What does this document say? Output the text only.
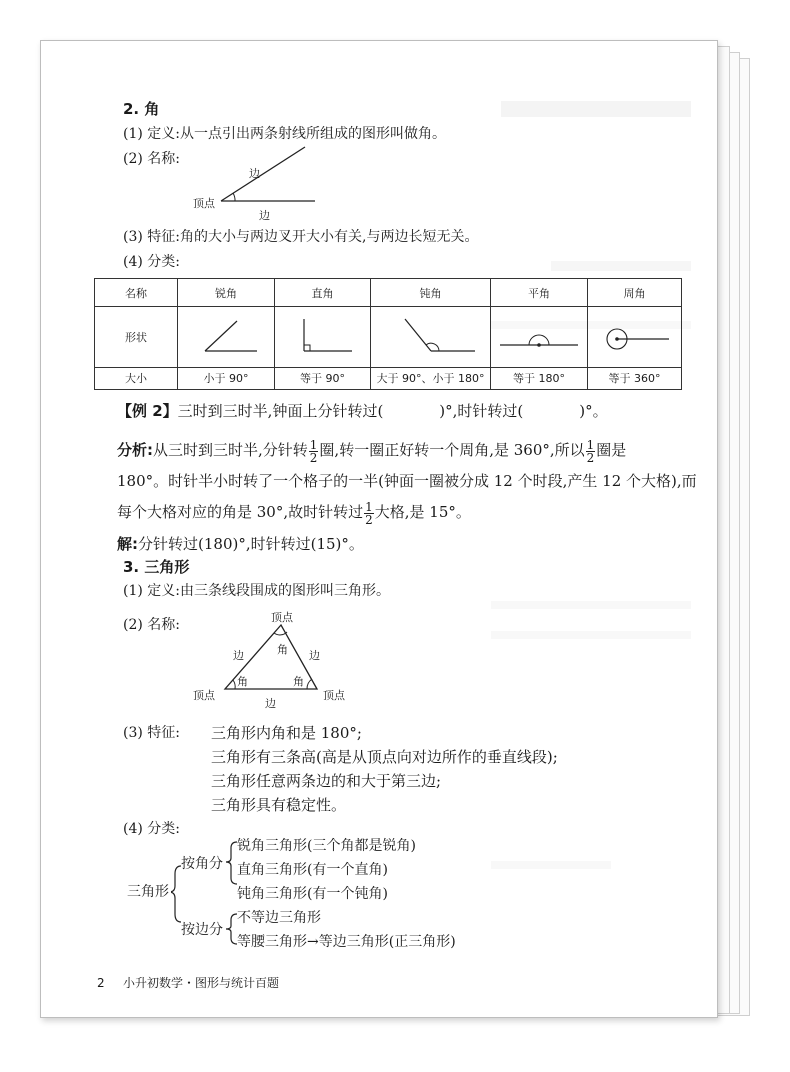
2. 角
(1) 定义:从一点引出两条射线所组成的图形叫做角。
(2) 名称:
边
顶点
边
(3) 特征:角的大小与两边叉开大小有关,与两边长短无关。
(4) 分类:
名称	锐角	直角	钝角	平角	周角
形状					
大小	小于 90°	等于 90°	大于 90°、小于 180°	等于 180°	等于 360°
【例 2】三时到三时半,钟面上分针转过(	)°,时针转过(	)°。
分析:从三时到三时半,分针转 $\frac{1}{2}$ 圈,转一圈正好转一个周角,是 360°,所以 $\frac{1}{2}$ 圈是
180°。时针半小时转了一个格子的一半(钟面一圈被分成 12 个时段,产生 12 个大格),而
每个大格对应的角是 30°,故时针转过 $\frac{1}{2}$ 大格,是 15°。
解:分针转过(180)°,时针转过(15)°。
3. 三角形
(1) 定义:由三条线段围成的图形叫三角形。
(2) 名称:	顶点
角
边	边
角	角
顶点	顶点
边
(3) 特征: 三角形内角和是 180°;
三角形有三条高(高是从顶点向对边所作的垂直线段);
三角形任意两条边的和大于第三边;
三角形具有稳定性。
(4) 分类:
三角形
按角分
按边分
锐角三角形(三个角都是锐角)
直角三角形(有一个直角)
钝角三角形(有一个钝角)
不等边三角形
等腰三角形→等边三角形(正三角形)
2 小升初数学・图形与统计百题
